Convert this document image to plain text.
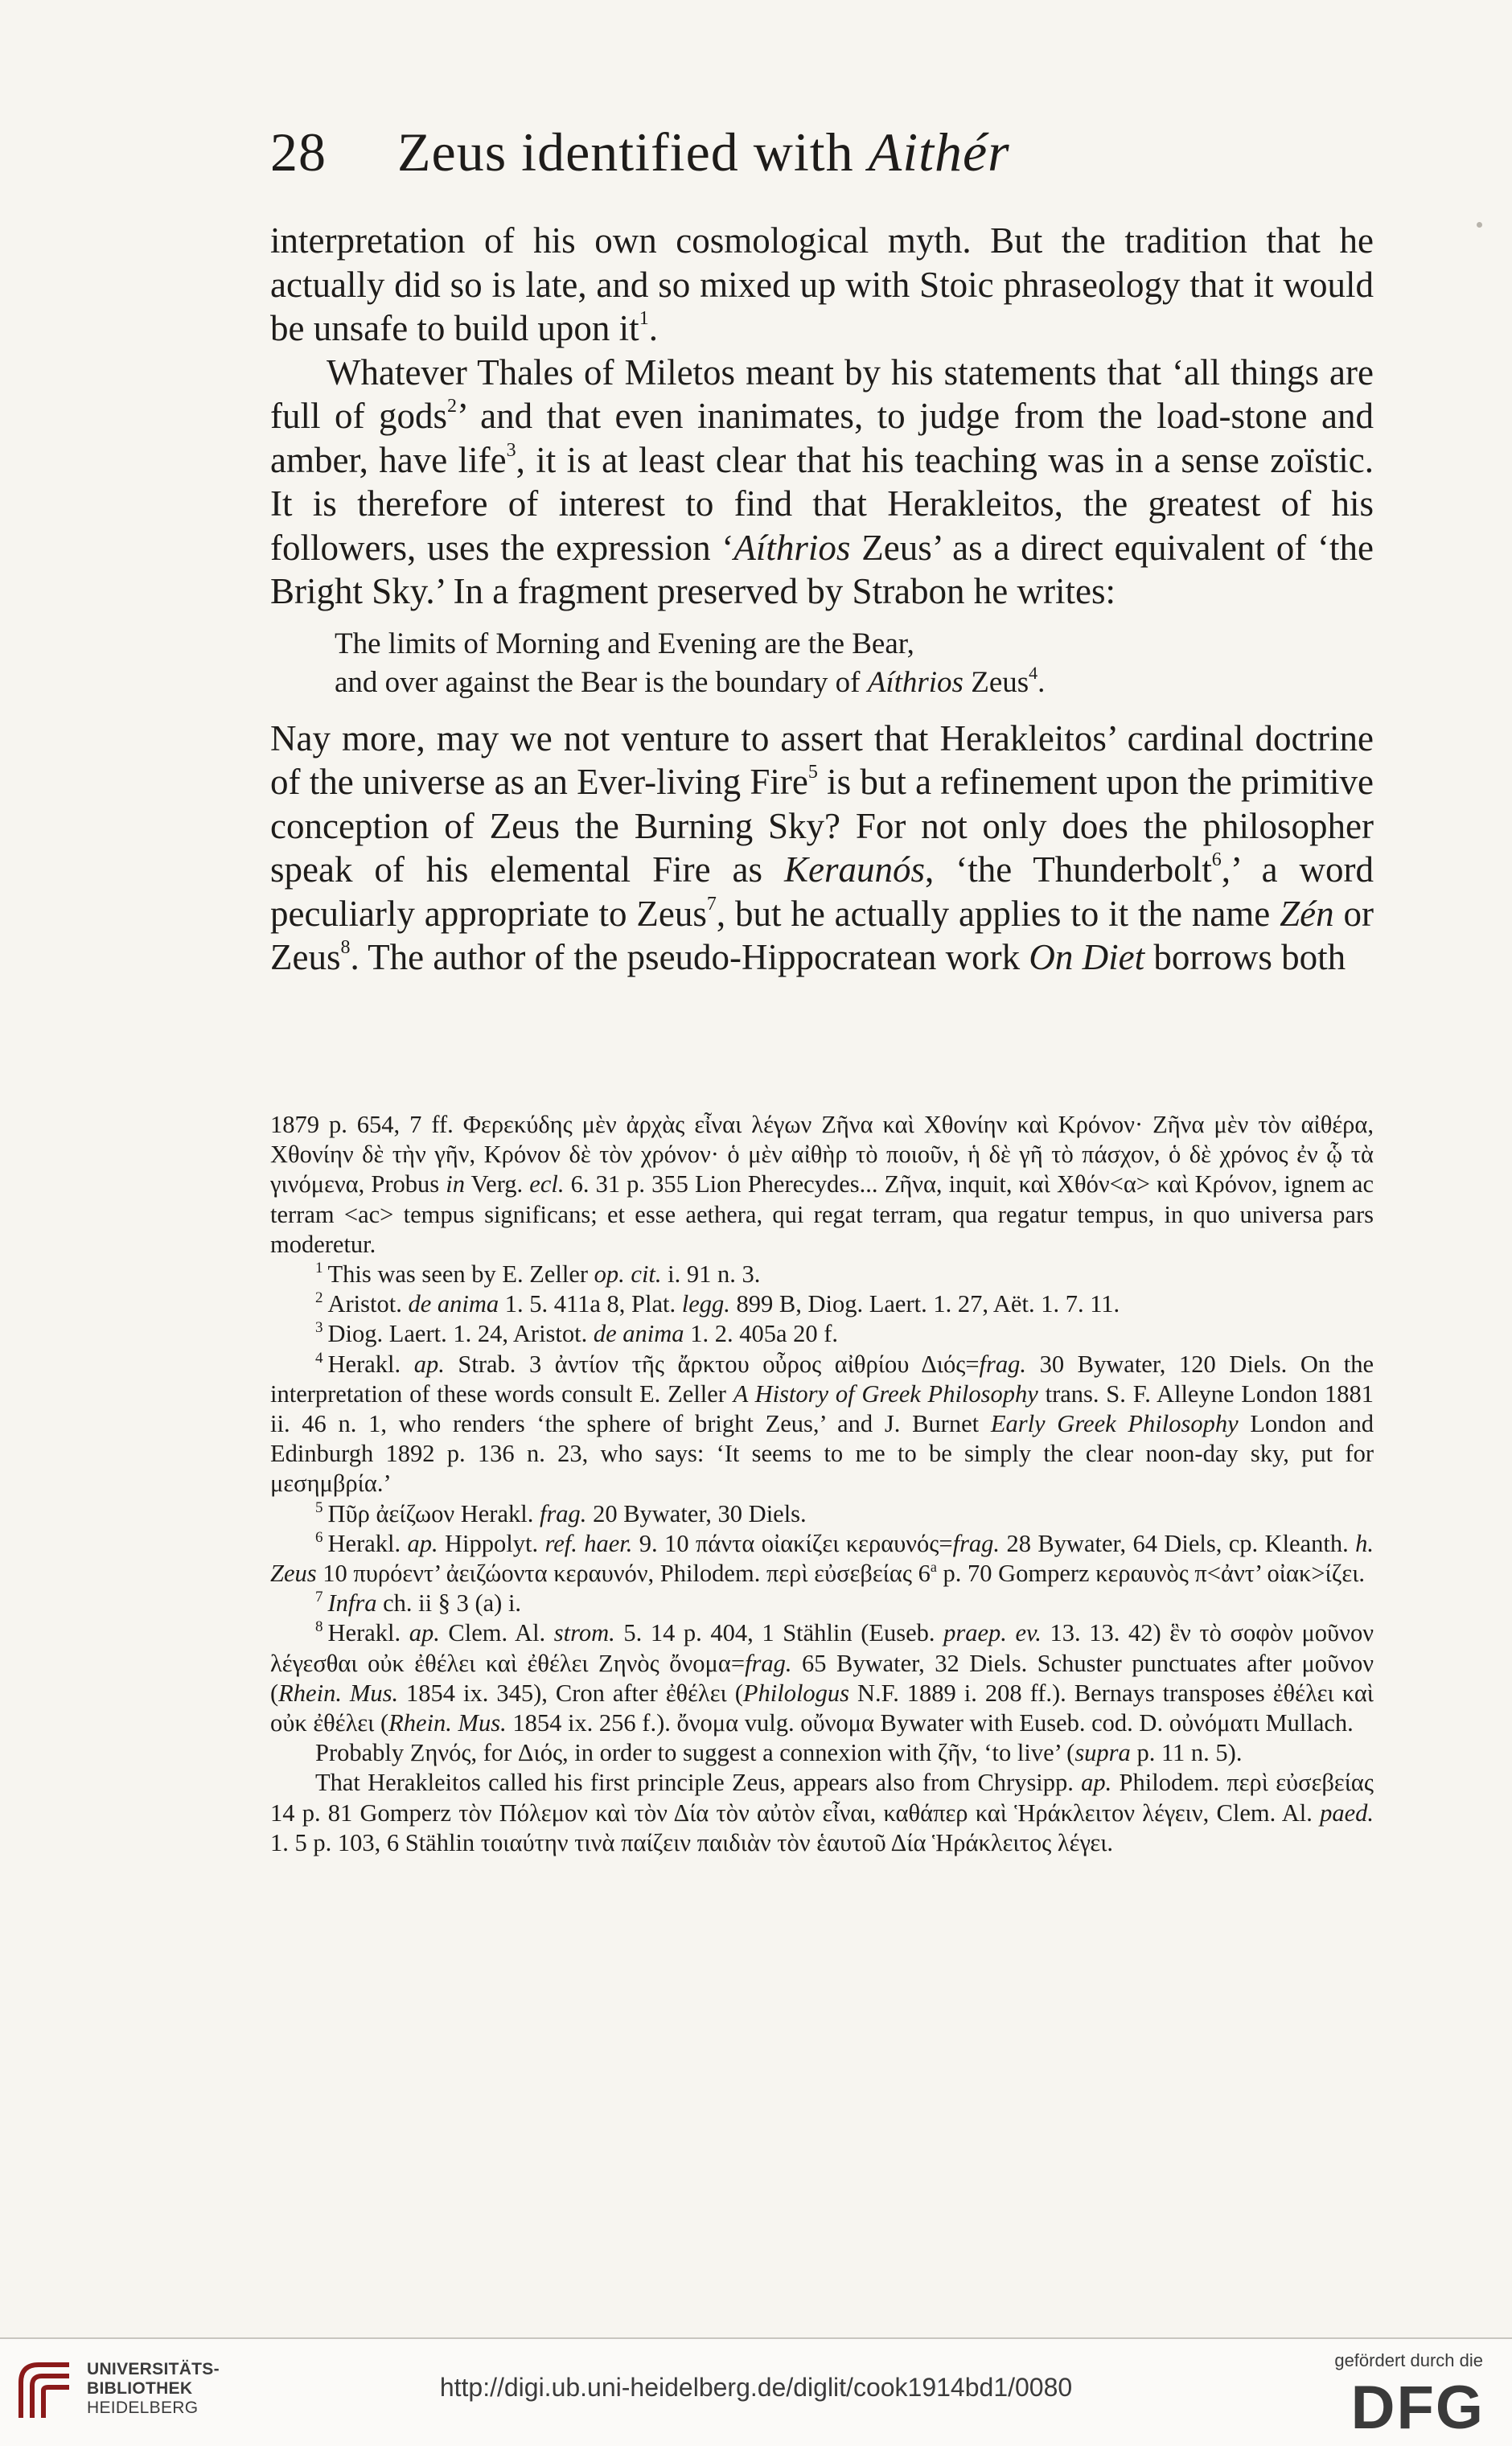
28 Zeus identified with Aithér

interpretation of his own cosmological myth. But the tradition that he actually did so is late, and so mixed up with Stoic phraseology that it would be unsafe to build upon $it^1$.

Whatever Thales of Miletos meant by his statements that ‘all things are full of gods$^2$’ and that even inanimates, to judge from the load-stone and amber, have life$^3$, it is at least clear that his teaching was in a sense zoïstic. It is therefore of interest to find that Herakleitos, the greatest of his followers, uses the expression ‘Aíthrios Zeus’ as a direct equivalent of ‘the Bright Sky.’ In a fragment preserved by Strabon he writes:

The limits of Morning and Evening are the Bear,
and over against the Bear is the boundary of Aíthrios Zeus$^4$.

Nay more, may we not venture to assert that Herakleitos’ cardinal doctrine of the universe as an Ever-living Fire$^5$ is but a refinement upon the primitive conception of Zeus the Burning Sky? For not only does the philosopher speak of his elemental Fire as Keraunós, ‘the Thunderbolt$^6$,’ a word peculiarly appropriate to Zeus$^7$, but he actually applies to it the name Zén or Zeus$^8$. The author of the pseudo-Hippocratean work On Diet borrows both

1879 p. 654, 7 ff. Φερεκύδης μὲν ἀρχὰς εἶναι λέγων Ζῆνα καὶ Χθονίην καὶ Κρόνον· Ζῆνα μὲν τὸν αἰθέρα, Χθονίην δὲ τὴν γῆν, Κρόνον δὲ τὸν χρόνον· ὁ μὲν αἰθὴρ τὸ ποιοῦν, ἡ δὲ γῆ τὸ πάσχον, ὁ δὲ χρόνος ἐν ᾧ τὰ γινόμενα, Probus in Verg. ecl. 6. 31 p. 355 Lion Pherecydes... Ζῆνα, inquit, καὶ Χθόν<α> καὶ Κρόνον, ignem ac terram <ac> tempus significans; et esse aethera, qui regat terram, qua regatur tempus, in quo universa pars moderetur.

$^1$ This was seen by E. Zeller op. cit. i. 91 n. 3.

$^2$ Aristot. de anima 1. 5. 411a 8, Plat. legg. 899 B, Diog. Laert. 1. 27, Aët. 1. 7. 11.

$^3$ Diog. Laert. 1. 24, Aristot. de anima 1. 2. 405a 20 f.

$^4$ Herakl. ap. Strab. 3 ἀντίον τῆς ἄρκτου οὖρος αἰθρίου Διός=frag. 30 Bywater, 120 Diels. On the interpretation of these words consult E. Zeller A History of Greek Philosophy trans. S. F. Alleyne London 1881 ii. 46 n. 1, who renders ‘the sphere of bright Zeus,’ and J. Burnet Early Greek Philosophy London and Edinburgh 1892 p. 136 n. 23, who says: ‘It seems to me to be simply the clear noon-day sky, put for μεσημβρία.’

$^5$ Πῦρ ἀείζωον Herakl. frag. 20 Bywater, 30 Diels.

$^6$ Herakl. ap. Hippolyt. ref. haer. 9. 10 πάντα οἰακίζει κεραυνός=frag. 28 Bywater, 64 Diels, cp. Kleanth. h. Zeus 10 πυρόεντ’ ἀειζώοντα κεραυνόν, Philodem. περὶ εὐσεβείας 6$^a$ p. 70 Gomperz κεραυνὸς π<ἀντ’ οἰακ>ίζει.

$^7$ Infra ch. ii § 3 (a) i.

$^8$ Herakl. ap. Clem. Al. strom. 5. 14 p. 404, 1 Stählin (Euseb. praep. ev. 13. 13. 42) ἓν τὸ σοφὸν μοῦνον λέγεσθαι οὐκ ἐθέλει καὶ ἐθέλει Ζηνὸς ὄνομα=frag. 65 Bywater, 32 Diels. Schuster punctuates after μοῦνον (Rhein. Mus. 1854 ix. 345), Cron after ἐθέλει (Philologus N.F. 1889 i. 208 ff.). Bernays transposes ἐθέλει καὶ οὐκ ἐθέλει (Rhein. Mus. 1854 ix. 256 f.). ὄνομα vulg. οὔνομα Bywater with Euseb. cod. D. οὐνόματι Mullach.

Probably Ζηνός, for Διός, in order to suggest a connexion with ζῆν, ‘to live’ (supra p. 11 n. 5).

That Herakleitos called his first principle Zeus, appears also from Chrysipp. ap. Philodem. περὶ εὐσεβείας 14 p. 81 Gomperz τὸν Πόλεμον καὶ τὸν Δία τὸν αὐτὸν εἶναι, καθάπερ καὶ Ἡράκλειτον λέγειν, Clem. Al. paed. 1. 5 p. 103, 6 Stählin τοιαύτην τινὰ παίζειν παιδιὰν τὸν ἑαυτοῦ Δία Ἡράκλειτος λέγει.

UNIVERSITÄTS-
BIBLIOTHEK
HEIDELBERG
http://digi.ub.uni-heidelberg.de/diglit/cook1914bd1/0080
gefördert durch die
DFG
